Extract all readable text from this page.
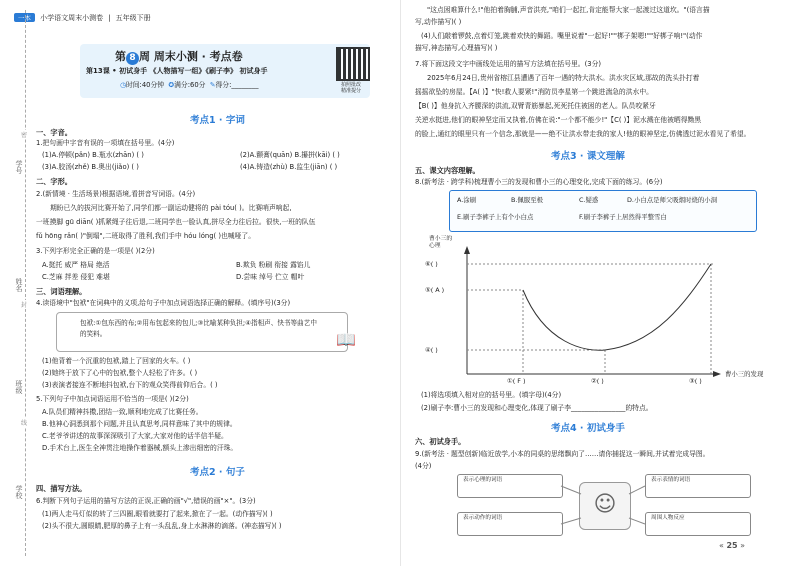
一本 小学语文周末小测卷 | 五年级下册
第 8 周 周末小测 · 考点卷
第13课 • 初试身手 《人物描写一组》《刷子李》 初试身手
◷时间:40分钟 ✪满分:60分 ✎得分:________	拍照批改
精准提分
学号
姓名
封
班级
线
学校
密
考点1 · 字词
一、字音。
1.把句画中字音有误的一项填在括号里。(4分)
(1)A.停顿(pǎn) B.瓶水(zhān) ( )	(2)A.颤膏(quān) B.攥拼(kāi) ( )
(3)A.胶汤(zhě) B.奥出(jiǎo) ( )	(4)A.铸造(zhù) B.监生(jiān) ( )
二、字形。
2.(新情境 · 生活场景)根据语境,看拼音写词语。(4分)
期盼已久的拔河比赛开始了,同学们都一副运动健将的 pài tóu( )。比赛哨声响起,
一班摸脚 gū diān( )抓紧绳子往后退,二班同学也一脸认真,拼尽全力往后拉。很快,一班的队伍
fǔ hōng rǎn( )"倒塌",二班取得了胜利,我们手中 hóu lóng( )也喊哑了。
3.下列字形完全正确的是一项是( )(2分)
A.挺托 威严 格局 绝活	B.欺负 粉刷 衔接 露馅儿
C.芝麻 拌差 侵犯 难堪	D.尝味 绰号 伫立 帽叶
三、词语理解。
4.读语境中"包袱"在词典中的义项,给句子中加点词语选择正确的解释。(填序号)(3分)
包袱:①包东西的布;②用布包起来的包儿;③比喻某种负担;④指相声、快书等曲艺中的笑料。	📖
(1)他背着一个沉重的包袱,踏上了回家的火车。( )
(2)她终于放下了心中的包袱,整个人轻松了许多。( )
(3)表演者接连不断地抖包袱,台下的观众笑得前仰后合。( )
5.下列句子中加点词语运用不恰当的一项是( )(2分)
A.队员们精神抖擞,团结一致,顺利地完成了比赛任务。
B.他神心洞悉到那个问题,并且认真思考,同样意味了其中的规律。
C.老爷爷讲述的故事深深吸引了大家,大家对他的话半信半疑。
D.手术台上,医生全神贯注地操作着器械,额头上渗出细密的汗珠。
考点2 · 句子
四、描写方法。
6.判断下列句子运用的描写方法的正误,正确的画"√",错误的画"×"。(3分)
(1)两人走马灯似的转了三四圈,眼看就要打了起来,掀在了一起。(动作描写)( )
(2)头不很大,圆眼睛,肥厚的鼻子上有一头乱乱,身上水淋淋的滴落。(神态描写)( )
"这点困难算什么!"他拍着胸脯,声音洪亮,"咱们一起扛,肯定能帮大家一起渡过这道坎。"(语言描
写,动作描写)( )
(4)人们敲着锣鼓,点着灯笼,跳着欢快的舞蹈。嘴里说着"一起好!""梆子架嗯!""好梆子响!"(动作
描写,神态描写,心理描写)( )
7.将下面这段文字中画线处运用的描写方法填在括号里。(3分)
2025年6月24日,贵州省榕江县遭遇了百年一遇的特大洪水。洪水灾区域,那故的洗头扑打着
摇摇欲坠的房屋。【A( )】"快!救人要紧!"消防员李星第一个跳进湍急的洪水中。
【B( )】他身抗入齐腰深的洪流,双臂青筋暴起,死死托住被困的老人。队员咬紧牙
关逆水挺进,他们的眼神坚定而又执着,仿佛在说:"一个都不能少!"【C( )】泥水溅在他被晒得黝黑
的脸上,通红的眼里只有一个信念,那就是——绝不让洪水带走我的家人!他的眼神坚定,仿佛透过泥水看见了希望。
考点3 · 课文理解
五、课文内容理解。
8.(新考法 · 跨学科)梳理曹小三的发现和曹小三的心理变化,完成下面的练习。(6分)
A.涂刷	B.佩服至极	C.疑惑	D.小白点是师父吸烟时烧的小洞
E.刷子李裤子上有个小白点	F.刷子李裤子上居然得平整雪白
曹小三的心理
⑥( )
⑤( A )
④( )
①( F )	②( )	③( )
曹小三的发现
(1)将选项填入相对应的括号里。(填字母)(4分)
(2)刷子李:曹小三的发现和心理变化,体现了刷子李________________的特点。
考点4 · 初试身手
六、初试身手。
9.(新考法 · 题型创新)临近放学,小本的同桌的思绪飘向了……请你捕捉这一瞬间,并试着完成导图。
(4分)
表示心理的词语	表示表情的词语
表示动作的词语	周围人物反应
☺
« 25 »
